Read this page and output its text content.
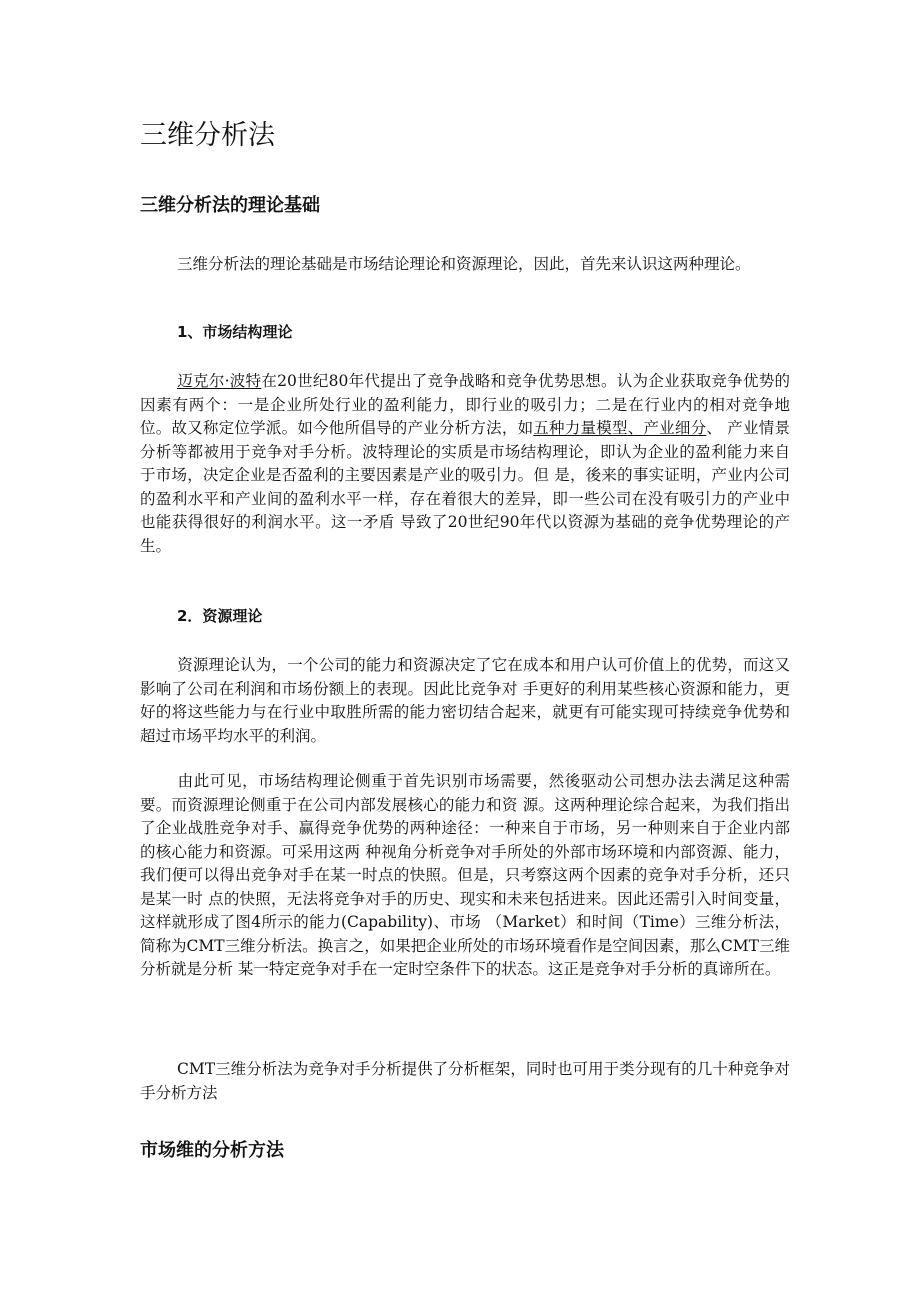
三维分析法
三维分析法的理论基础

三维分析法的理论基础是市场结论理论和资源理论，因此，首先来认识这两种理论。

1、市场结构理论

迈克尔·波特在20世纪80年代提出了竞争战略和竞争优势思想。认为企业获取竞争优势的因素有两个：一是企业所处行业的盈利能力，即行业的吸引力；二是在行业内的相对竞争地位。故又称定位学派。如今他所倡导的产业分析方法，如五种力量模型、产业细分、 产业情景分析等都被用于竞争对手分析。波特理论的实质是市场结构理论，即认为企业的盈利能力来自于市场，决定企业是否盈利的主要因素是产业的吸引力。但 是，後来的事实证明，产业内公司的盈利水平和产业间的盈利水平一样，存在着很大的差异，即一些公司在没有吸引力的产业中也能获得很好的利润水平。这一矛盾 导致了20世纪90年代以资源为基础的竞争优势理论的产生。

2．资源理论

资源理论认为，一个公司的能力和资源决定了它在成本和用户认可价值上的优势，而这又影响了公司在利润和市场份额上的表现。因此比竞争对 手更好的利用某些核心资源和能力，更好的将这些能力与在行业中取胜所需的能力密切结合起来，就更有可能实现可持续竞争优势和超过市场平均水平的利润。

由此可见，市场结构理论侧重于首先识别市场需要，然後驱动公司想办法去满足这种需要。而资源理论侧重于在公司内部发展核心的能力和资 源。这两种理论综合起来，为我们指出了企业战胜竞争对手、赢得竞争优势的两种途径：一种来自于市场，另一种则来自于企业内部的核心能力和资源。可采用这两 种视角分析竞争对手所处的外部市场环境和内部资源、能力，我们便可以得出竞争对手在某一时点的快照。但是，只考察这两个因素的竞争对手分析，还只是某一时 点的快照，无法将竞争对手的历史、现实和未来包括进来。因此还需引入时间变量，这样就形成了图4所示的能力(Capability)、市场 （Market）和时间（Time）三维分析法，简称为CMT三维分析法。换言之，如果把企业所处的市场环境看作是空间因素，那么CMT三维分析就是分析 某一特定竞争对手在一定时空条件下的状态。这正是竞争对手分析的真谛所在。

CMT三维分析法为竞争对手分析提供了分析框架，同时也可用于类分现有的几十种竞争对手分析方法

市场维的分析方法
